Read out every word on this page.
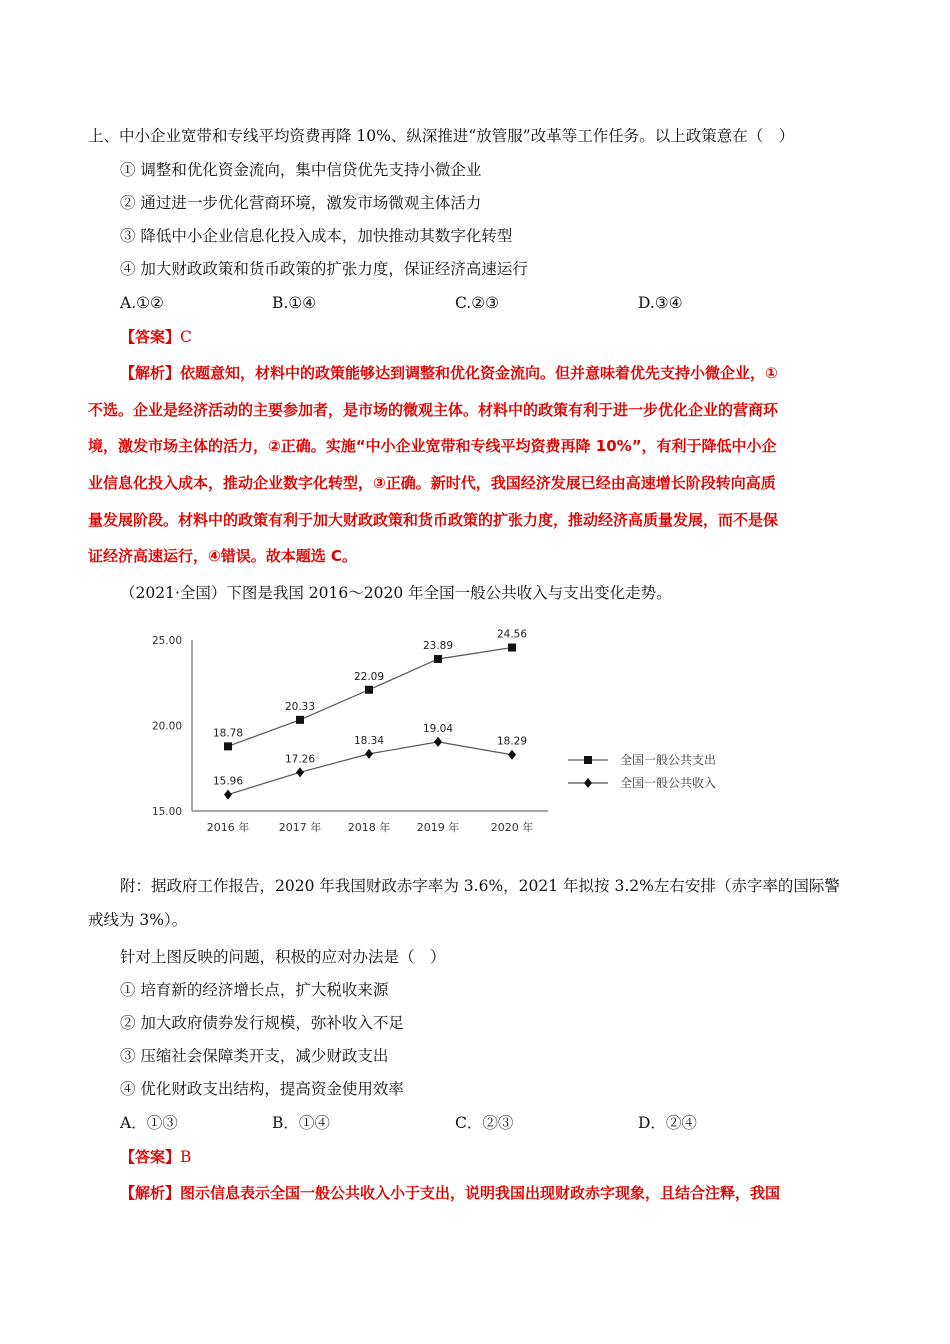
上、中小企业宽带和专线平均资费再降 10%、纵深推进“放管服”改革等工作任务。以上政策意在（　）
① 调整和优化资金流向，集中信贷优先支持小微企业
② 通过进一步优化营商环境，激发市场微观主体活力
③ 降低中小企业信息化投入成本，加快推动其数字化转型
④ 加大财政政策和货币政策的扩张力度，保证经济高速运行
A.①②	B.①④	C.②③	D.③④
【答案】C
【解析】依题意知，材料中的政策能够达到调整和优化资金流向。但并意味着优先支持小微企业，①
不选。企业是经济活动的主要参加者，是市场的微观主体。材料中的政策有利于进一步优化企业的营商环
境，激发市场主体的活力，②正确。实施“中小企业宽带和专线平均资费再降 10%”，有利于降低中小企
业信息化投入成本，推动企业数字化转型，③正确。新时代，我国经济发展已经由高速增长阶段转向高质
量发展阶段。材料中的政策有利于加大财政政策和货币政策的扩张力度，推动经济高质量发展，而不是保
证经济高速运行，④错误。故本题选 C。
（2021·全国）下图是我国 2016～2020 年全国一般公共收入与支出变化走势。
15.00
20.00
25.00
2016 年	2017 年 2018 年 2019 年	2020 年
18.78
20.33
22.09
23.89
24.56
15.96
17.26
18.34
19.04
18.29
全国一般公共支出
全国一般公共收入
附：据政府工作报告，2020 年我国财政赤字率为 3.6%，2021 年拟按 3.2%左右安排（赤字率的国际警
戒线为 3%）。
针对上图反映的问题，积极的应对办法是（　）
① 培育新的经济增长点，扩大税收来源
② 加大政府债券发行规模，弥补收入不足
③ 压缩社会保障类开支，减少财政支出
④ 优化财政支出结构，提高资金使用效率
A．①③	B．①④	C．②③	D．②④
【答案】B
【解析】图示信息表示全国一般公共收入小于支出，说明我国出现财政赤字现象，且结合注释，我国
